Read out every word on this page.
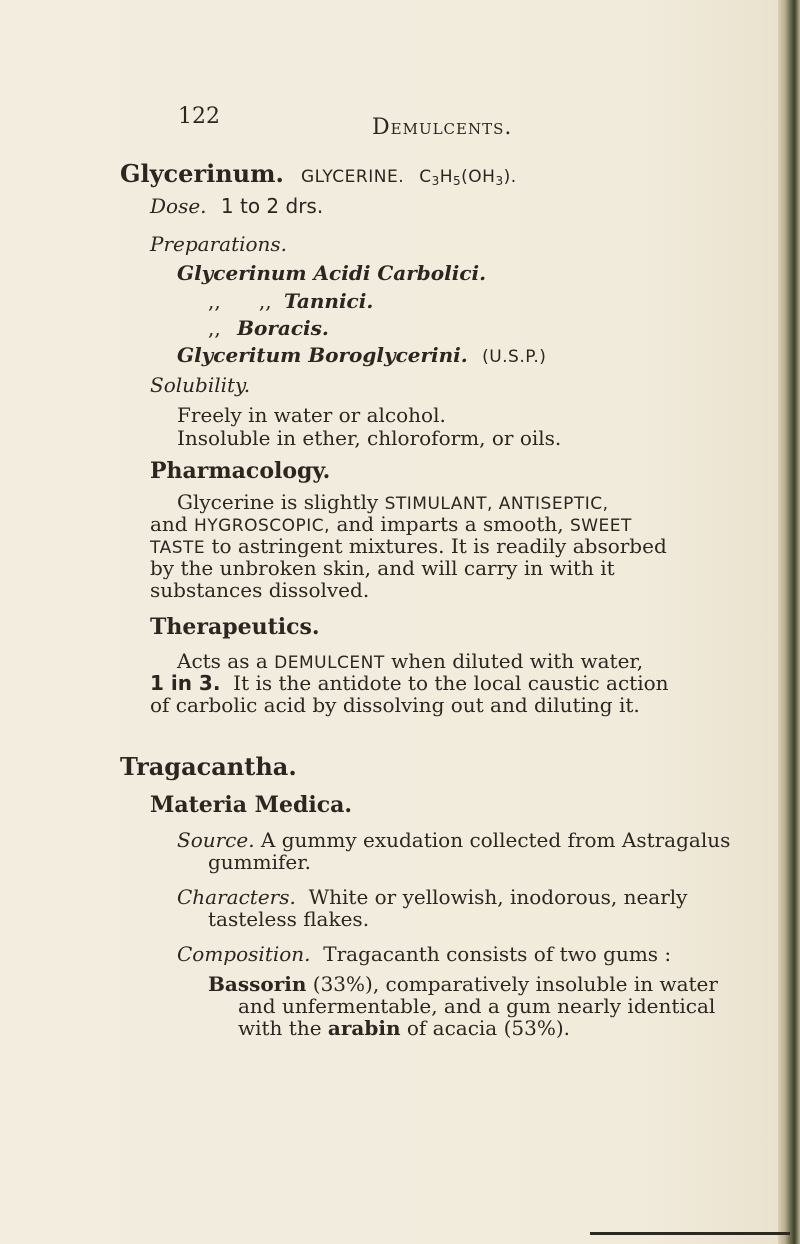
122	Demulcents.
Glycerinum. GLYCERINE. $C_3H_5(OH_3)$.
Dose. 1 to 2 drs.
Preparations.
Glycerinum Acidi Carbolici.
,,      ,, Tannici.
,, Boracis.
Glyceritum Boroglycerini. (U.S.P.)
Solubility.
Freely in water or alcohol.
Insoluble in ether, chloroform, or oils.
Pharmacology.
Glycerine is slightly STIMULANT, ANTISEPTIC,
and HYGROSCOPIC, and imparts a smooth, SWEET
TASTE to astringent mixtures. It is readily absorbed
by the unbroken skin, and will carry in with it
substances dissolved.
Therapeutics.
Acts as a DEMULCENT when diluted with water,
1 in 3.  It is the antidote to the local caustic action
of carbolic acid by dissolving out and diluting it.
Tragacantha.
Materia Medica.
Source. A gummy exudation collected from Astragalus
gummifer.
Characters.  White or yellowish, inodorous, nearly
tasteless flakes.
Composition.  Tragacanth consists of two gums :
Bassorin (33%), comparatively insoluble in water
and unfermentable, and a gum nearly identical
with the arabin of acacia (53%).
